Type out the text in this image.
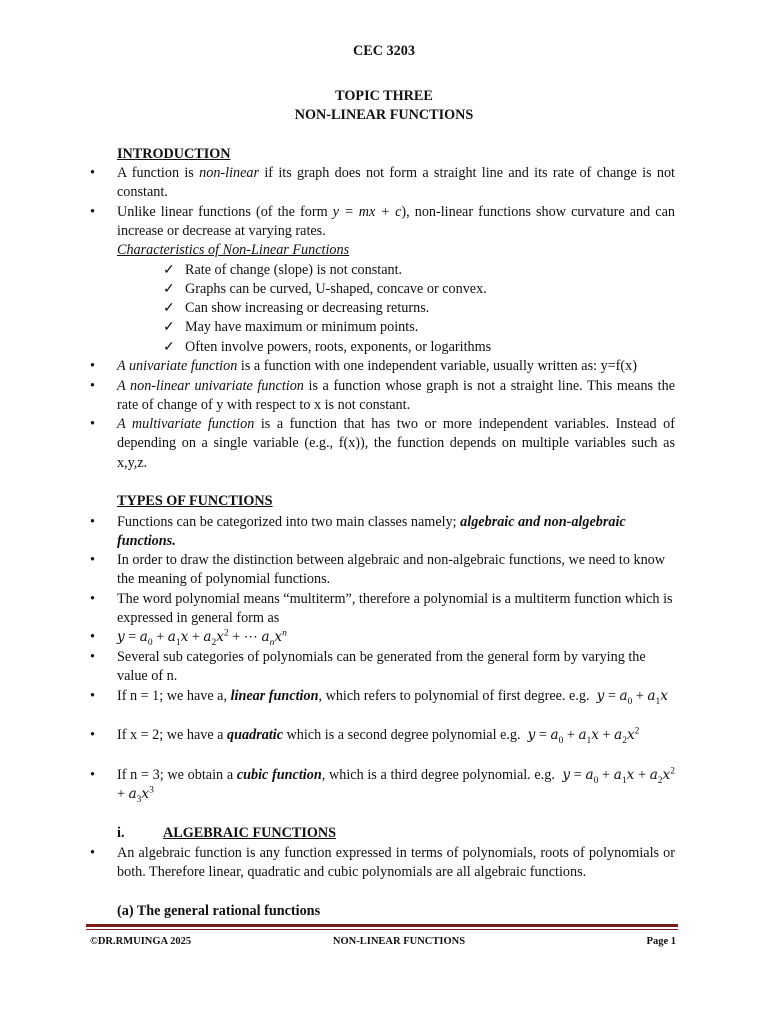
CEC 3203
TOPIC THREE
NON-LINEAR FUNCTIONS
INTRODUCTION
• A function is non-linear if its graph does not form a straight line and its rate of change is not constant.
• Unlike linear functions (of the form y = mx + c), non-linear functions show curvature and can increase or decrease at varying rates.
Characteristics of Non-Linear Functions
✓ Rate of change (slope) is not constant.
✓ Graphs can be curved, U-shaped, concave or convex.
✓ Can show increasing or decreasing returns.
✓ May have maximum or minimum points.
✓ Often involve powers, roots, exponents, or logarithms
• A univariate function is a function with one independent variable, usually written as: y=f(x)
• A non-linear univariate function is a function whose graph is not a straight line. This means the rate of change of y with respect to x is not constant.
• A multivariate function is a function that has two or more independent variables. Instead of depending on a single variable (e.g., f(x)), the function depends on multiple variables such as x,y,z.
TYPES OF FUNCTIONS
• Functions can be categorized into two main classes namely; algebraic and non-algebraic functions.
• In order to draw the distinction between algebraic and non-algebraic functions, we need to know the meaning of polynomial functions.
• The word polynomial means “multiterm”, therefore a polynomial is a multiterm function which is expressed in general form as
• $y = a_0 + a_1x + a_2x^2$ + ⋯ $a_nx^n$
• Several sub categories of polynomials can be generated from the general form by varying the value of n.
• If n = 1; we have a, linear function, which refers to polynomial of first degree. e.g. $y = a_0 + a_1x$
• If x = 2; we have a quadratic which is a second degree polynomial e.g. $y = a_0 + a_1x + a_2x^2$
• If n = 3; we obtain a cubic function, which is a third degree polynomial. e.g. $y = a_0 + a_1x + a_2x^2 + a_3x^3$
i.	ALGEBRAIC FUNCTIONS
• An algebraic function is any function expressed in terms of polynomials, roots of polynomials or both. Therefore linear, quadratic and cubic polynomials are all algebraic functions.
(a) The general rational functions
©DR.RMUINGA 2025	NON-LINEAR FUNCTIONS	Page 1
